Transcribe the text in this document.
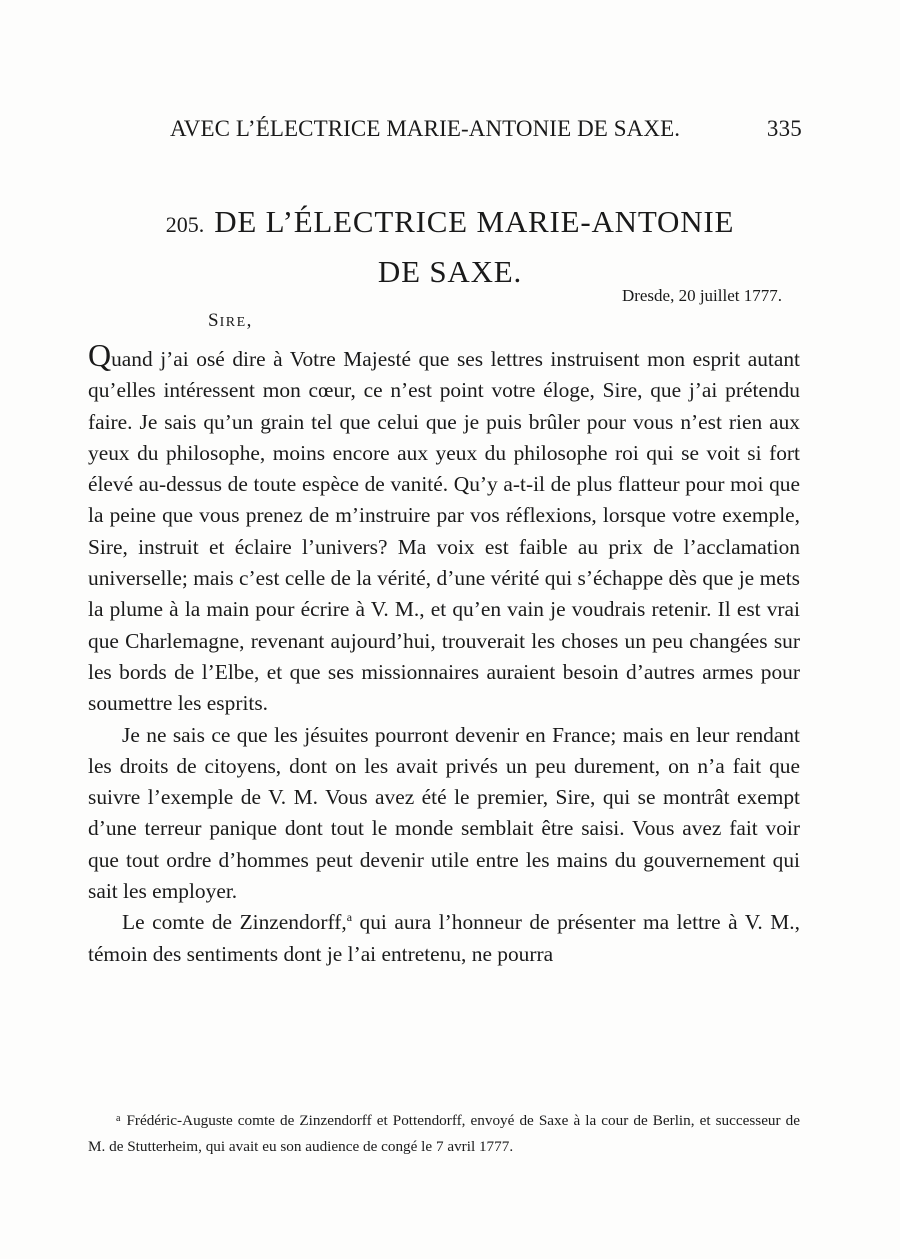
AVEC L’ÉLECTRICE MARIE-ANTONIE DE SAXE.	335
205. DE L’ÉLECTRICE MARIE-ANTONIE
DE SAXE.
Dresde, 20 juillet 1777.
SIRE,

Quand j’ai osé dire à Votre Majesté que ses lettres instruisent mon esprit autant qu’elles intéressent mon cœur, ce n’est point votre éloge, Sire, que j’ai prétendu faire. Je sais qu’un grain tel que celui que je puis brûler pour vous n’est rien aux yeux du philosophe, moins encore aux yeux du philosophe roi qui se voit si fort élevé au-dessus de toute espèce de vanité. Qu’y a-t-il de plus flatteur pour moi que la peine que vous prenez de m’instruire par vos réflexions, lorsque votre exemple, Sire, instruit et éclaire l’univers? Ma voix est faible au prix de l’acclamation universelle; mais c’est celle de la vérité, d’une vérité qui s’échappe dès que je mets la plume à la main pour écrire à V. M., et qu’en vain je voudrais retenir. Il est vrai que Charlemagne, revenant aujourd’hui, trouverait les choses un peu changées sur les bords de l’Elbe, et que ses missionnaires auraient besoin d’autres armes pour soumettre les esprits.

Je ne sais ce que les jésuites pourront devenir en France; mais en leur rendant les droits de citoyens, dont on les avait privés un peu durement, on n’a fait que suivre l’exemple de V. M. Vous avez été le premier, Sire, qui se montrât exempt d’une terreur panique dont tout le monde semblait être saisi. Vous avez fait voir que tout ordre d’hommes peut devenir utile entre les mains du gouvernement qui sait les employer.

Le comte de Zinzendorff,$^a$ qui aura l’honneur de présenter ma lettre à V. M., témoin des sentiments dont je l’ai entretenu, ne pourra

$^a$ Frédéric-Auguste comte de Zinzendorff et Pottendorff, envoyé de Saxe à la cour de Berlin, et successeur de M. de Stutterheim, qui avait eu son audience de congé le 7 avril 1777.
